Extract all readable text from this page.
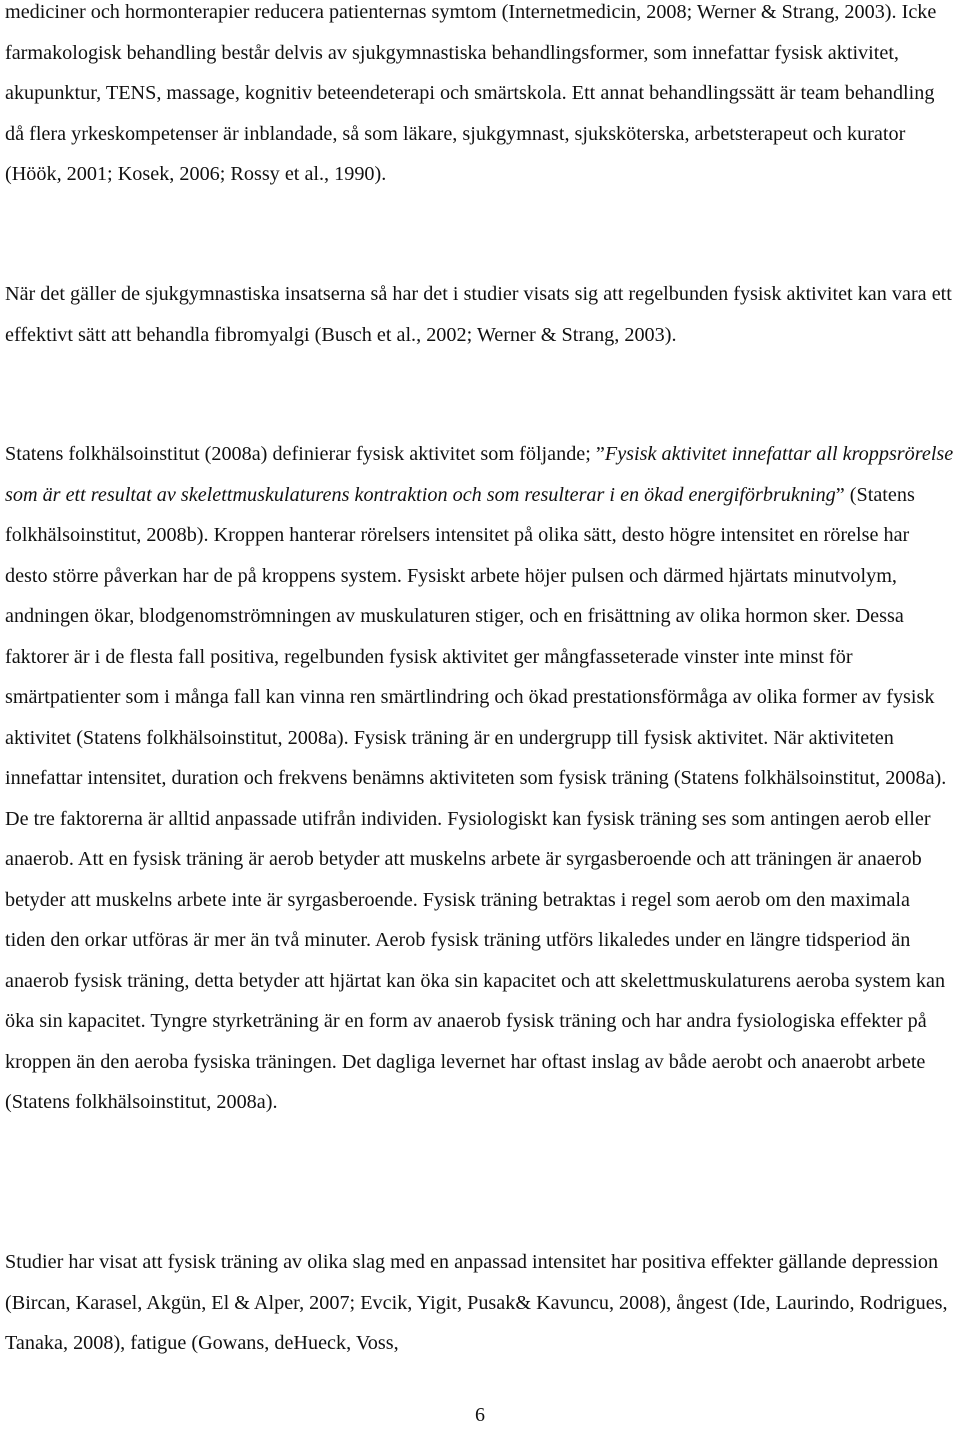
mediciner och hormonterapier reducera patienternas symtom (Internetmedicin, 2008; Werner & Strang, 2003). Icke farmakologisk behandling består delvis av sjukgymnastiska behandlingsformer, som innefattar fysisk aktivitet, akupunktur, TENS, massage, kognitiv beteendeterapi och smärtskola. Ett annat behandlingssätt är team behandling då flera yrkeskompetenser är inblandade, så som läkare, sjukgymnast, sjuksköterska, arbetsterapeut och kurator (Höök, 2001; Kosek, 2006; Rossy et al., 1990).

När det gäller de sjukgymnastiska insatserna så har det i studier visats sig att regelbunden fysisk aktivitet kan vara ett effektivt sätt att behandla fibromyalgi (Busch et al., 2002; Werner & Strang, 2003).

Statens folkhälsoinstitut (2008a) definierar fysisk aktivitet som följande; ”Fysisk aktivitet innefattar all kroppsrörelse som är ett resultat av skelettmuskulaturens kontraktion och som resulterar i en ökad energiförbrukning” (Statens folkhälsoinstitut, 2008b). Kroppen hanterar rörelsers intensitet på olika sätt, desto högre intensitet en rörelse har desto större påverkan har de på kroppens system. Fysiskt arbete höjer pulsen och därmed hjärtats minutvolym, andningen ökar, blodgenomströmningen av muskulaturen stiger, och en frisättning av olika hormon sker. Dessa faktorer är i de flesta fall positiva, regelbunden fysisk aktivitet ger mångfasseterade vinster inte minst för smärtpatienter som i många fall kan vinna ren smärtlindring och ökad prestationsförmåga av olika former av fysisk aktivitet (Statens folkhälsoinstitut, 2008a). Fysisk träning är en undergrupp till fysisk aktivitet. När aktiviteten innefattar intensitet, duration och frekvens benämns aktiviteten som fysisk träning (Statens folkhälsoinstitut, 2008a). De tre faktorerna är alltid anpassade utifrån individen. Fysiologiskt kan fysisk träning ses som antingen aerob eller anaerob. Att en fysisk träning är aerob betyder att muskelns arbete är syrgasberoende och att träningen är anaerob betyder att muskelns arbete inte är syrgasberoende. Fysisk träning betraktas i regel som aerob om den maximala tiden den orkar utföras är mer än två minuter. Aerob fysisk träning utförs likaledes under en längre tidsperiod än anaerob fysisk träning, detta betyder att hjärtat kan öka sin kapacitet och att skelettmuskulaturens aeroba system kan öka sin kapacitet. Tyngre styrketräning är en form av anaerob fysisk träning och har andra fysiologiska effekter på kroppen än den aeroba fysiska träningen. Det dagliga levernet har oftast inslag av både aerobt och anaerobt arbete (Statens folkhälsoinstitut, 2008a).

Studier har visat att fysisk träning av olika slag med en anpassad intensitet har positiva effekter gällande depression (Bircan, Karasel, Akgün, El & Alper, 2007; Evcik, Yigit, Pusak& Kavuncu, 2008), ångest (Ide, Laurindo, Rodrigues, Tanaka, 2008), fatigue (Gowans, deHueck, Voss,

6
